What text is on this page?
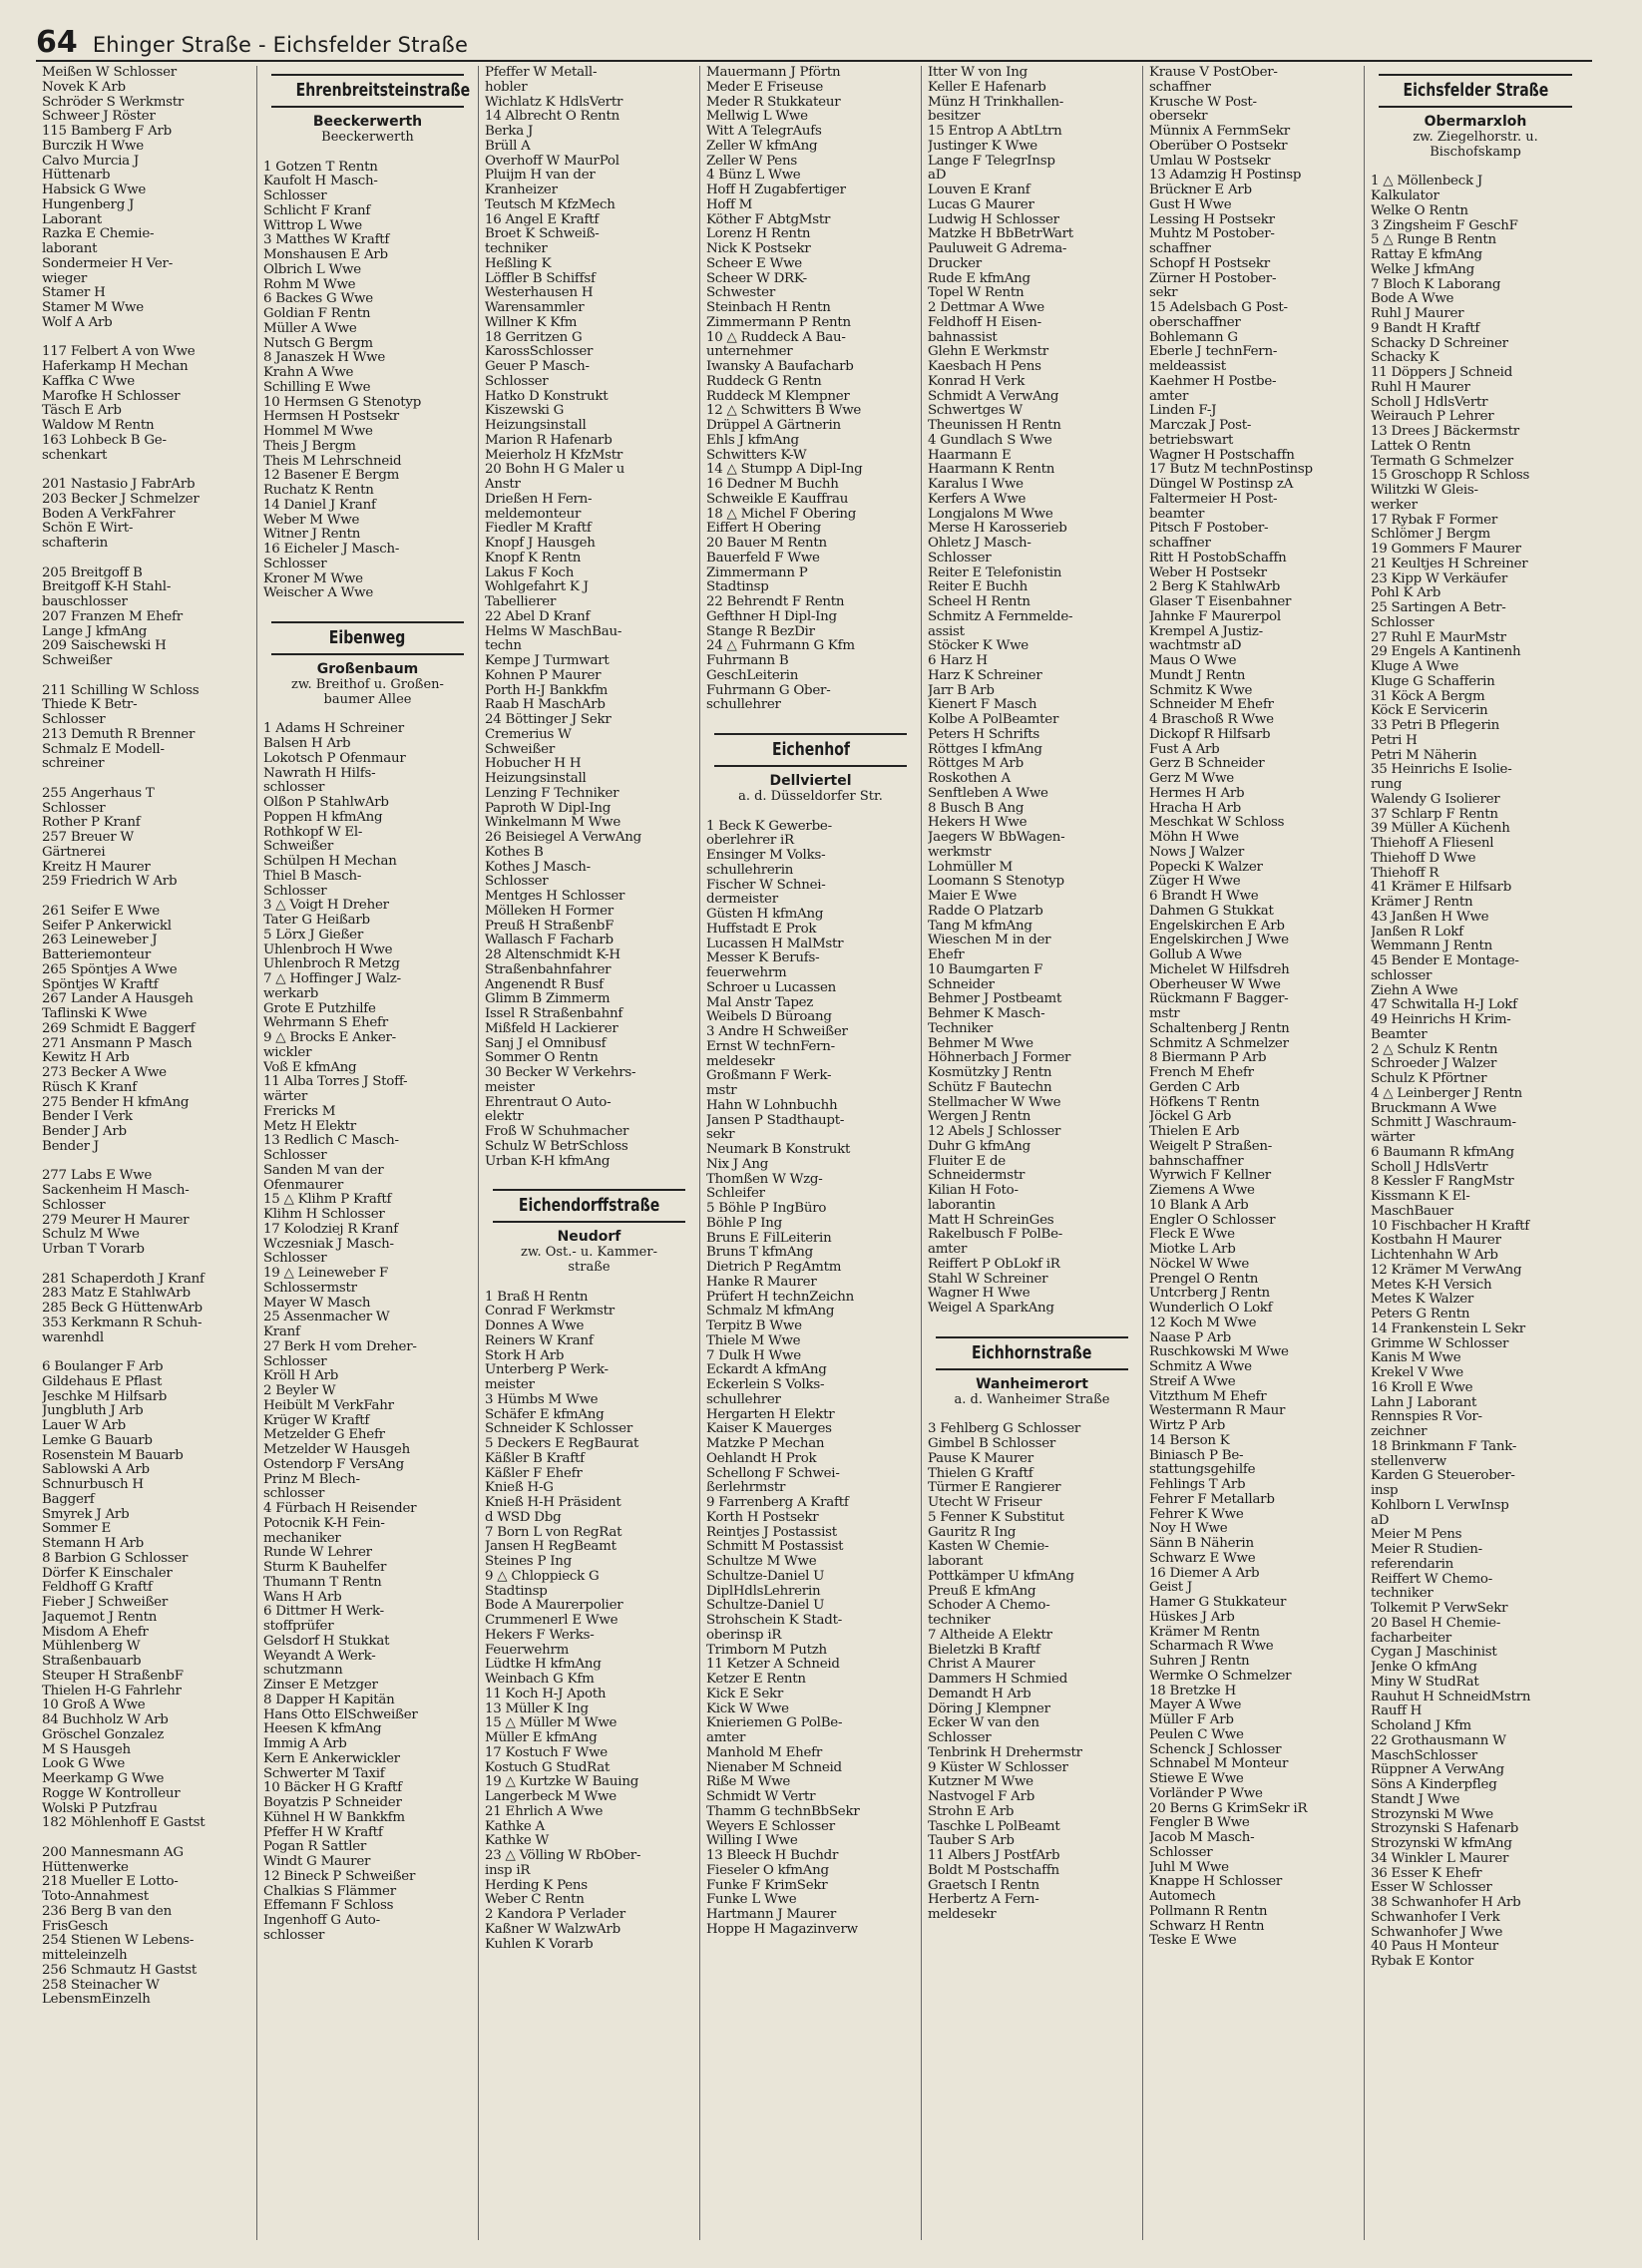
64 Ehinger Straße - Eichsfelder Straße
Meißen W Schlosser
Novek K Arb
Schröder S Werkmstr
Schweer J Röster
115 Bamberg F Arb
Burczik H Wwe
Calvo Murcia J
Hüttenarb
Habsick G Wwe
Hungenberg J
Laborant
Razka E Chemie-
laborant
Sondermeier H Ver-
wieger
Stamer H
Stamer M Wwe
Wolf A Arb
117 Felbert A von Wwe
Haferkamp H Mechan
Kaffka C Wwe
Marofke H Schlosser
Täsch E Arb
Waldow M Rentn
163 Lohbeck B Ge-
schenkart
201 Nastasio J FabrArb
203 Becker J Schmelzer
Boden A VerkFahrer
Schön E Wirt-
schafterin
205 Breitgoff B
Breitgoff K-H Stahl-
bauschlosser
207 Franzen M Ehefr
Lange J kfmAng
209 Saischewski H
Schweißer
211 Schilling W Schloss
Thiede K Betr-
Schlosser
213 Demuth R Brenner
Schmalz E Modell-
schreiner
255 Angerhaus T
Schlosser
Rother P Kranf
257 Breuer W
Gärtnerei
Kreitz H Maurer
259 Friedrich W Arb
261 Seifer E Wwe
Seifer P Ankerwickl
263 Leineweber J
Batteriemonteur
265 Spöntjes A Wwe
Spöntjes W Kraftf
267 Lander A Hausgeh
Taflinski K Wwe
269 Schmidt E Baggerf
271 Ansmann P Masch
Kewitz H Arb
273 Becker A Wwe
Rüsch K Kranf
275 Bender H kfmAng
Bender I Verk
Bender J Arb
Bender J
277 Labs E Wwe
Sackenheim H Masch-
Schlosser
279 Meurer H Maurer
Schulz M Wwe
Urban T Vorarb
281 Schaperdoth J Kranf
283 Matz E StahlwArb
285 Beck G HüttenwArb
353 Kerkmann R Schuh-
warenhdl
6 Boulanger F Arb
Gildehaus E Pflast
Jeschke M Hilfsarb
Jungbluth J Arb
Lauer W Arb
Lemke G Bauarb
Rosenstein M Bauarb
Sablowski A Arb
Schnurbusch H
Baggerf
Smyrek J Arb
Sommer E
Stemann H Arb
8 Barbion G Schlosser
Dörfer K Einschaler
Feldhoff G Kraftf
Fieber J Schweißer
Jaquemot J Rentn
Misdom A Ehefr
Mühlenberg W
Straßenbauarb
Steuper H StraßenbF
Thielen H-G Fahrlehr
10 Groß A Wwe
84 Buchholz W Arb
Gröschel Gonzalez
M S Hausgeh
Look G Wwe
Meerkamp G Wwe
Rogge W Kontrolleur
Wolski P Putzfrau
182 Möhlenhoff E Gastst
200 Mannesmann AG
Hüttenwerke
218 Mueller E Lotto-
Toto-Annahmest
236 Berg B van den
FrisGesch
254 Stienen W Lebens-
mitteleinzelh
256 Schmautz H Gastst
258 Steinacher W
LebensmEinzelh
Ehrenbreitsteinstraße
Beeckerwerth
Beeckerwerth
1 Gotzen T Rentn
Kaufolt H Masch-
Schlosser
Schlicht F Kranf
Wittrop L Wwe
3 Matthes W Kraftf
Monshausen E Arb
Olbrich L Wwe
Rohm M Wwe
6 Backes G Wwe
Goldian F Rentn
Müller A Wwe
Nutsch G Bergm
8 Janaszek H Wwe
Krahn A Wwe
Schilling E Wwe
10 Hermsen G Stenotyp
Hermsen H Postsekr
Hommel M Wwe
Theis J Bergm
Theis M Lehrschneid
12 Basener E Bergm
Ruchatz K Rentn
14 Daniel J Kranf
Weber M Wwe
Witner J Rentn
16 Eicheler J Masch-
Schlosser
Kroner M Wwe
Weischer A Wwe
Eibenweg
Großenbaum
zw. Breithof u. Großen-
baumer Allee
1 Adams H Schreiner
Balsen H Arb
Lokotsch P Ofenmaur
Nawrath H Hilfs-
schlosser
Olßon P StahlwArb
Poppen H kfmAng
Rothkopf W El-
Schweißer
Schülpen H Mechan
Thiel B Masch-
Schlosser
3 △ Voigt H Dreher
Tater G Heißarb
5 Lörx J Gießer
Uhlenbroch H Wwe
Uhlenbroch R Metzg
7 △ Hoffinger J Walz-
werkarb
Grote E Putzhilfe
Wehrmann S Ehefr
9 △ Brocks E Anker-
wickler
Voß E kfmAng
11 Alba Torres J Stoff-
wärter
Frericks M
Metz H Elektr
13 Redlich C Masch-
Schlosser
Sanden M van der
Ofenmaurer
15 △ Klihm P Kraftf
Klihm H Schlosser
17 Kolodziej R Kranf
Wczesniak J Masch-
Schlosser
19 △ Leineweber F
Schlossermstr
Mayer W Masch
25 Assenmacher W
Kranf
27 Berk H vom Dreher-
Schlosser
Kröll H Arb
2 Beyler W
Heibült M VerkFahr
Krüger W Kraftf
Metzelder G Ehefr
Metzelder W Hausgeh
Ostendorp F VersAng
Prinz M Blech-
schlosser
4 Fürbach H Reisender
Potocnik K-H Fein-
mechaniker
Runde W Lehrer
Sturm K Bauhelfer
Thumann T Rentn
Wans H Arb
6 Dittmer H Werk-
stoffprüfer
Gelsdorf H Stukkat
Weyandt A Werk-
schutzmann
Zinser E Metzger
8 Dapper H Kapitän
Hans Otto ElSchweißer
Heesen K kfmAng
Immig A Arb
Kern E Ankerwickler
Schwerter M Taxif
10 Bäcker H G Kraftf
Boyatzis P Schneider
Kühnel H W Bankkfm
Pfeffer H W Kraftf
Pogan R Sattler
Windt G Maurer
12 Bineck P Schweißer
Chalkias S Flämmer
Effemann F Schloss
Ingenhoff G Auto-
schlosser
Pfeffer W Metall-
hobler
Wichlatz K HdlsVertr
14 Albrecht O Rentn
Berka J
Brüll A
Overhoff W MaurPol
Pluijm H van der
Kranheizer
Teutsch M KfzMech
16 Angel E Kraftf
Broet K Schweiß-
techniker
Heßling K
Löffler B Schiffsf
Westerhausen H
Warensammler
Willner K Kfm
18 Gerritzen G
KarossSchlosser
Geuer P Masch-
Schlosser
Hatko D Konstrukt
Kiszewski G
Heizungsinstall
Marion R Hafenarb
Meierholz H KfzMstr
20 Bohn H G Maler u
Anstr
Drießen H Fern-
meldemonteur
Fiedler M Kraftf
Knopf J Hausgeh
Knopf K Rentn
Lakus F Koch
Wohlgefahrt K J
Tabellierer
22 Abel D Kranf
Helms W MaschBau-
techn
Kempe J Turmwart
Kohnen P Maurer
Porth H-J Bankkfm
Raab H MaschArb
24 Böttinger J Sekr
Cremerius W
Schweißer
Hobucher H H
Heizungsinstall
Lenzing F Techniker
Paproth W Dipl-Ing
Winkelmann M Wwe
26 Beisiegel A VerwAng
Kothes B
Kothes J Masch-
Schlosser
Mentges H Schlosser
Mölleken H Former
Preuß H StraßenbF
Wallasch F Facharb
28 Altenschmidt K-H
Straßenbahnfahrer
Angenendt R Busf
Glimm B Zimmerm
Issel R Straßenbahnf
Mißfeld H Lackierer
Sanj J el Omnibusf
Sommer O Rentn
30 Becker W Verkehrs-
meister
Ehrentraut O Auto-
elektr
Froß W Schuhmacher
Schulz W BetrSchloss
Urban K-H kfmAng
Eichendorffstraße
Neudorf
zw. Ost.- u. Kammer-
straße
1 Braß H Rentn
Conrad F Werkmstr
Donnes A Wwe
Reiners W Kranf
Stork H Arb
Unterberg P Werk-
meister
3 Hümbs M Wwe
Schäfer E kfmAng
Schneider K Schlosser
5 Deckers E RegBaurat
Käßler B Kraftf
Käßler F Ehefr
Knieß H-G
Knieß H-H Präsident
d WSD Dbg
7 Born L von RegRat
Jansen H RegBeamt
Steines P Ing
9 △ Chloppieck G
Stadtinsp
Bode A Maurerpolier
Crummenerl E Wwe
Hekers F Werks-
Feuerwehrm
Lüdtke H kfmAng
Weinbach G Kfm
11 Koch H-J Apoth
13 Müller K Ing
15 △ Müller M Wwe
Müller E kfmAng
17 Kostuch F Wwe
Kostuch G StudRat
19 △ Kurtzke W Bauing
Langerbeck M Wwe
21 Ehrlich A Wwe
Kathke A
Kathke W
23 △ Völling W RbOber-
insp iR
Herding K Pens
Weber C Rentn
2 Kandora P Verlader
Kaßner W WalzwArb
Kuhlen K Vorarb
Mauermann J Pförtn
Meder E Friseuse
Meder R Stukkateur
Mellwig L Wwe
Witt A TelegrAufs
Zeller W kfmAng
Zeller W Pens
4 Bünz L Wwe
Hoff H Zugabfertiger
Hoff M
Köther F AbtgMstr
Lorenz H Rentn
Nick K Postsekr
Scheer E Wwe
Scheer W DRK-
Schwester
Steinbach H Rentn
Zimmermann P Rentn
10 △ Ruddeck A Bau-
unternehmer
Iwansky A Baufacharb
Ruddeck G Rentn
Ruddeck M Klempner
12 △ Schwitters B Wwe
Drüppel A Gärtnerin
Ehls J kfmAng
Schwitters K-W
14 △ Stumpp A Dipl-Ing
16 Dedner M Buchh
Schweikle E Kauffrau
18 △ Michel F Obering
Eiffert H Obering
20 Bauer M Rentn
Bauerfeld F Wwe
Zimmermann P
Stadtinsp
22 Behrendt F Rentn
Gefthner H Dipl-Ing
Stange R BezDir
24 △ Fuhrmann G Kfm
Fuhrmann B
GeschLeiterin
Fuhrmann G Ober-
schullehrer
Eichenhof
Dellviertel
a. d. Düsseldorfer Str.
1 Beck K Gewerbe-
oberlehrer iR
Ensinger M Volks-
schullehrerin
Fischer W Schnei-
dermeister
Güsten H kfmAng
Huffstadt E Prok
Lucassen H MalMstr
Messer K Berufs-
feuerwehrm
Schroer u Lucassen
Mal Anstr Tapez
Weibels D Büroang
3 Andre H Schweißer
Ernst W technFern-
meldesekr
Großmann F Werk-
mstr
Hahn W Lohnbuchh
Jansen P Stadthaupt-
sekr
Neumark B Konstrukt
Nix J Ang
Thomßen W Wzg-
Schleifer
5 Böhle P IngBüro
Böhle P Ing
Bruns E FilLeiterin
Bruns T kfmAng
Dietrich P RegAmtm
Hanke R Maurer
Prüfert H technZeichn
Schmalz M kfmAng
Terpitz B Wwe
Thiele M Wwe
7 Dulk H Wwe
Eckardt A kfmAng
Eckerlein S Volks-
schullehrer
Hergarten H Elektr
Kaiser K Mauerges
Matzke P Mechan
Oehlandt H Prok
Schellong F Schwei-
ßerlehrmstr
9 Farrenberg A Kraftf
Korth H Postsekr
Reintjes J Postassist
Schmitt M Postassist
Schultze M Wwe
Schultze-Daniel U
DiplHdlsLehrerin
Schultze-Daniel U
Strohschein K Stadt-
oberinsp iR
Trimborn M Putzh
11 Ketzer A Schneid
Ketzer E Rentn
Kick E Sekr
Kick W Wwe
Knieriemen G PolBe-
amter
Manhold M Ehefr
Nienaber M Schneid
Riße M Wwe
Schmidt W Vertr
Thamm G technBbSekr
Weyers E Schlosser
Willing I Wwe
13 Bleeck H Buchdr
Fieseler O kfmAng
Funke F KrimSekr
Funke L Wwe
Hartmann J Maurer
Hoppe H Magazinverw
Itter W von Ing
Keller E Hafenarb
Münz H Trinkhallen-
besitzer
15 Entrop A AbtLtrn
Justinger K Wwe
Lange F TelegrInsp
aD
Louven E Kranf
Lucas G Maurer
Ludwig H Schlosser
Matzke H BbBetrWart
Pauluweit G Adrema-
Drucker
Rude E kfmAng
Topel W Rentn
2 Dettmar A Wwe
Feldhoff H Eisen-
bahnassist
Glehn E Werkmstr
Kaesbach H Pens
Konrad H Verk
Schmidt A VerwAng
Schwertges W
Theunissen H Rentn
4 Gundlach S Wwe
Haarmann E
Haarmann K Rentn
Karalus I Wwe
Kerfers A Wwe
Longjalons M Wwe
Merse H Karosserieb
Ohletz J Masch-
Schlosser
Reiter E Telefonistin
Reiter E Buchh
Scheel H Rentn
Schmitz A Fernmelde-
assist
Stöcker K Wwe
6 Harz H
Harz K Schreiner
Jarr B Arb
Kienert F Masch
Kolbe A PolBeamter
Peters H Schrifts
Röttges I kfmAng
Röttges M Arb
Roskothen A
Senftleben A Wwe
8 Busch B Ang
Hekers H Wwe
Jaegers W BbWagen-
werkmstr
Lohmüller M
Loomann S Stenotyp
Maier E Wwe
Radde O Platzarb
Tang M kfmAng
Wieschen M in der
Ehefr
10 Baumgarten F
Schneider
Behmer J Postbeamt
Behmer K Masch-
Techniker
Behmer M Wwe
Höhnerbach J Former
Kosmützky J Rentn
Schütz F Bautechn
Stellmacher W Wwe
Wergen J Rentn
12 Abels J Schlosser
Duhr G kfmAng
Fluiter E de
Schneidermstr
Kilian H Foto-
laborantin
Matt H SchreinGes
Rakelbusch F PolBe-
amter
Reiffert P ObLokf iR
Stahl W Schreiner
Wagner H Wwe
Weigel A SparkAng
Eichhornstraße
Wanheimerort
a. d. Wanheimer Straße
3 Fehlberg G Schlosser
Gimbel B Schlosser
Pause K Maurer
Thielen G Kraftf
Türmer E Rangierer
Utecht W Friseur
5 Fenner K Substitut
Gauritz R Ing
Kasten W Chemie-
laborant
Pottkämper U kfmAng
Preuß E kfmAng
Schoder A Chemo-
techniker
7 Altheide A Elektr
Bieletzki B Kraftf
Christ A Maurer
Dammers H Schmied
Demandt H Arb
Döring J Klempner
Ecker W van den
Schlosser
Tenbrink H Drehermstr
9 Küster W Schlosser
Kutzner M Wwe
Nastvogel F Arb
Strohn E Arb
Taschke L PolBeamt
Tauber S Arb
11 Albers J PostfArb
Boldt M Postschaffn
Graetsch I Rentn
Herbertz A Fern-
meldesekr
Krause V PostOber-
schaffner
Krusche W Post-
obersekr
Münnix A FernmSekr
Oberüber O Postsekr
Umlau W Postsekr
13 Adamzig H Postinsp
Brückner E Arb
Gust H Wwe
Lessing H Postsekr
Muhtz M Postober-
schaffner
Schopf H Postsekr
Zürner H Postober-
sekr
15 Adelsbach G Post-
oberschaffner
Bohlemann G
Eberle J technFern-
meldeassist
Kaehmer H Postbe-
amter
Linden F-J
Marczak J Post-
betriebswart
Wagner H Postschaffn
17 Butz M technPostinsp
Düngel W Postinsp zA
Faltermeier H Post-
beamter
Pitsch F Postober-
schaffner
Ritt H PostobSchaffn
Weber H Postsekr
2 Berg K StahlwArb
Glaser T Eisenbahner
Jahnke F Maurerpol
Krempel A Justiz-
wachtmstr aD
Maus O Wwe
Mundt J Rentn
Schmitz K Wwe
Schneider M Ehefr
4 Braschoß R Wwe
Dickopf R Hilfsarb
Fust A Arb
Gerz B Schneider
Gerz M Wwe
Hermes H Arb
Hracha H Arb
Meschkat W Schloss
Möhn H Wwe
Nows J Walzer
Popecki K Walzer
Züger H Wwe
6 Brandt H Wwe
Dahmen G Stukkat
Engelskirchen E Arb
Engelskirchen J Wwe
Gollub A Wwe
Michelet W Hilfsdreh
Oberheuser W Wwe
Rückmann F Bagger-
mstr
Schaltenberg J Rentn
Schmitz A Schmelzer
8 Biermann P Arb
French M Ehefr
Gerden C Arb
Höfkens T Rentn
Jöckel G Arb
Thielen E Arb
Weigelt P Straßen-
bahnschaffner
Wyrwich F Kellner
Ziemens A Wwe
10 Blank A Arb
Engler O Schlosser
Fleck E Wwe
Miotke L Arb
Nöckel W Wwe
Prengel O Rentn
Untcrberg J Rentn
Wunderlich O Lokf
12 Koch M Wwe
Naase P Arb
Ruschkowski M Wwe
Schmitz A Wwe
Streif A Wwe
Vitzthum M Ehefr
Westermann R Maur
Wirtz P Arb
14 Berson K
Biniasch P Be-
stattungsgehilfe
Fehlings T Arb
Fehrer F Metallarb
Fehrer K Wwe
Noy H Wwe
Sänn B Näherin
Schwarz E Wwe
16 Diemer A Arb
Geist J
Hamer G Stukkateur
Hüskes J Arb
Krämer M Rentn
Scharmach R Wwe
Suhren J Rentn
Wermke O Schmelzer
18 Bretzke H
Mayer A Wwe
Müller F Arb
Peulen C Wwe
Schenck J Schlosser
Schnabel M Monteur
Stiewe E Wwe
Vorländer P Wwe
20 Berns G KrimSekr iR
Fengler B Wwe
Jacob M Masch-
Schlosser
Juhl M Wwe
Knappe H Schlosser
Automech
Pollmann R Rentn
Schwarz H Rentn
Teske E Wwe
Eichsfelder Straße
Obermarxloh
zw. Ziegelhorstr. u.
Bischofskamp
1 △ Möllenbeck J
Kalkulator
Welke O Rentn
3 Zingsheim F GeschF
5 △ Runge B Rentn
Rattay E kfmAng
Welke J kfmAng
7 Bloch K Laborang
Bode A Wwe
Ruhl J Maurer
9 Bandt H Kraftf
Schacky D Schreiner
Schacky K
11 Döppers J Schneid
Ruhl H Maurer
Scholl J HdlsVertr
Weirauch P Lehrer
13 Drees J Bäckermstr
Lattek O Rentn
Termath G Schmelzer
15 Groschopp R Schloss
Wilitzki W Gleis-
werker
17 Rybak F Former
Schlömer J Bergm
19 Gommers F Maurer
21 Keultjes H Schreiner
23 Kipp W Verkäufer
Pohl K Arb
25 Sartingen A Betr-
Schlosser
27 Ruhl E MaurMstr
29 Engels A Kantinenh
Kluge A Wwe
Kluge G Schafferin
31 Köck A Bergm
Köck E Servicerin
33 Petri B Pflegerin
Petri H
Petri M Näherin
35 Heinrichs E Isolie-
rung
Walendy G Isolierer
37 Schlarp F Rentn
39 Müller A Küchenh
Thiehoff A Fliesenl
Thiehoff D Wwe
Thiehoff R
41 Krämer E Hilfsarb
Krämer J Rentn
43 Janßen H Wwe
Janßen R Lokf
Wemmann J Rentn
45 Bender E Montage-
schlosser
Ziehn A Wwe
47 Schwitalla H-J Lokf
49 Heinrichs H Krim-
Beamter
2 △ Schulz K Rentn
Schroeder J Walzer
Schulz K Pförtner
4 △ Leinberger J Rentn
Bruckmann A Wwe
Schmitt J Waschraum-
wärter
6 Baumann R kfmAng
Scholl J HdlsVertr
8 Kessler F RangMstr
Kissmann K El-
MaschBauer
10 Fischbacher H Kraftf
Kostbahn H Maurer
Lichtenhahn W Arb
12 Krämer M VerwAng
Metes K-H Versich
Metes K Walzer
Peters G Rentn
14 Frankenstein L Sekr
Grimme W Schlosser
Kanis M Wwe
Krekel V Wwe
16 Kroll E Wwe
Lahn J Laborant
Rennspies R Vor-
zeichner
18 Brinkmann F Tank-
stellenverw
Karden G Steuerober-
insp
Kohlborn L VerwInsp
aD
Meier M Pens
Meier R Studien-
referendarin
Reiffert W Chemo-
techniker
Tolkemit P VerwSekr
20 Basel H Chemie-
facharbeiter
Cygan J Maschinist
Jenke O kfmAng
Miny W StudRat
Rauhut H SchneidMstrn
Rauff H
Scholand J Kfm
22 Grothausmann W
MaschSchlosser
Rüppner A VerwAng
Söns A Kinderpfleg
Standt J Wwe
Strozynski M Wwe
Strozynski S Hafenarb
Strozynski W kfmAng
34 Winkler L Maurer
36 Esser K Ehefr
Esser W Schlosser
38 Schwanhofer H Arb
Schwanhofer I Verk
Schwanhofer J Wwe
40 Paus H Monteur
Rybak E Kontor
